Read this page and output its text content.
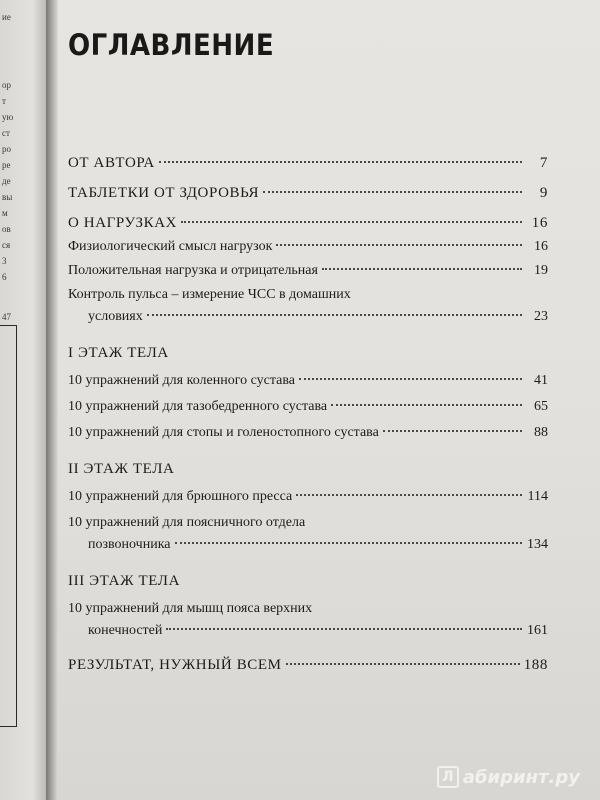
ие
ор
т
ую
ст
ро
ре
де
вы
м
ов
ся
3
6
47
ОГЛАВЛЕНИЕ
ОТ АВТОРА	7
ТАБЛЕТКИ ОТ ЗДОРОВЬЯ	9
О НАГРУЗКАХ	16
Физиологический смысл нагрузок	16
Положительная нагрузка и отрицательная	19
Контроль пульса – измерение ЧСС в домашних
условиях	23
I ЭТАЖ ТЕЛА
10 упражнений для коленного сустава	41
10 упражнений для тазобедренного сустава	65
10 упражнений для стопы и голеностопного сустава	88
II ЭТАЖ ТЕЛА
10 упражнений для брюшного пресса	114
10 упражнений для поясничного отдела
позвоночника	134
III ЭТАЖ ТЕЛА
10 упражнений для мышц пояса верхних
конечностей	161
РЕЗУЛЬТАТ, НУЖНЫЙ ВСЕМ	188
Л абиринт.ру
